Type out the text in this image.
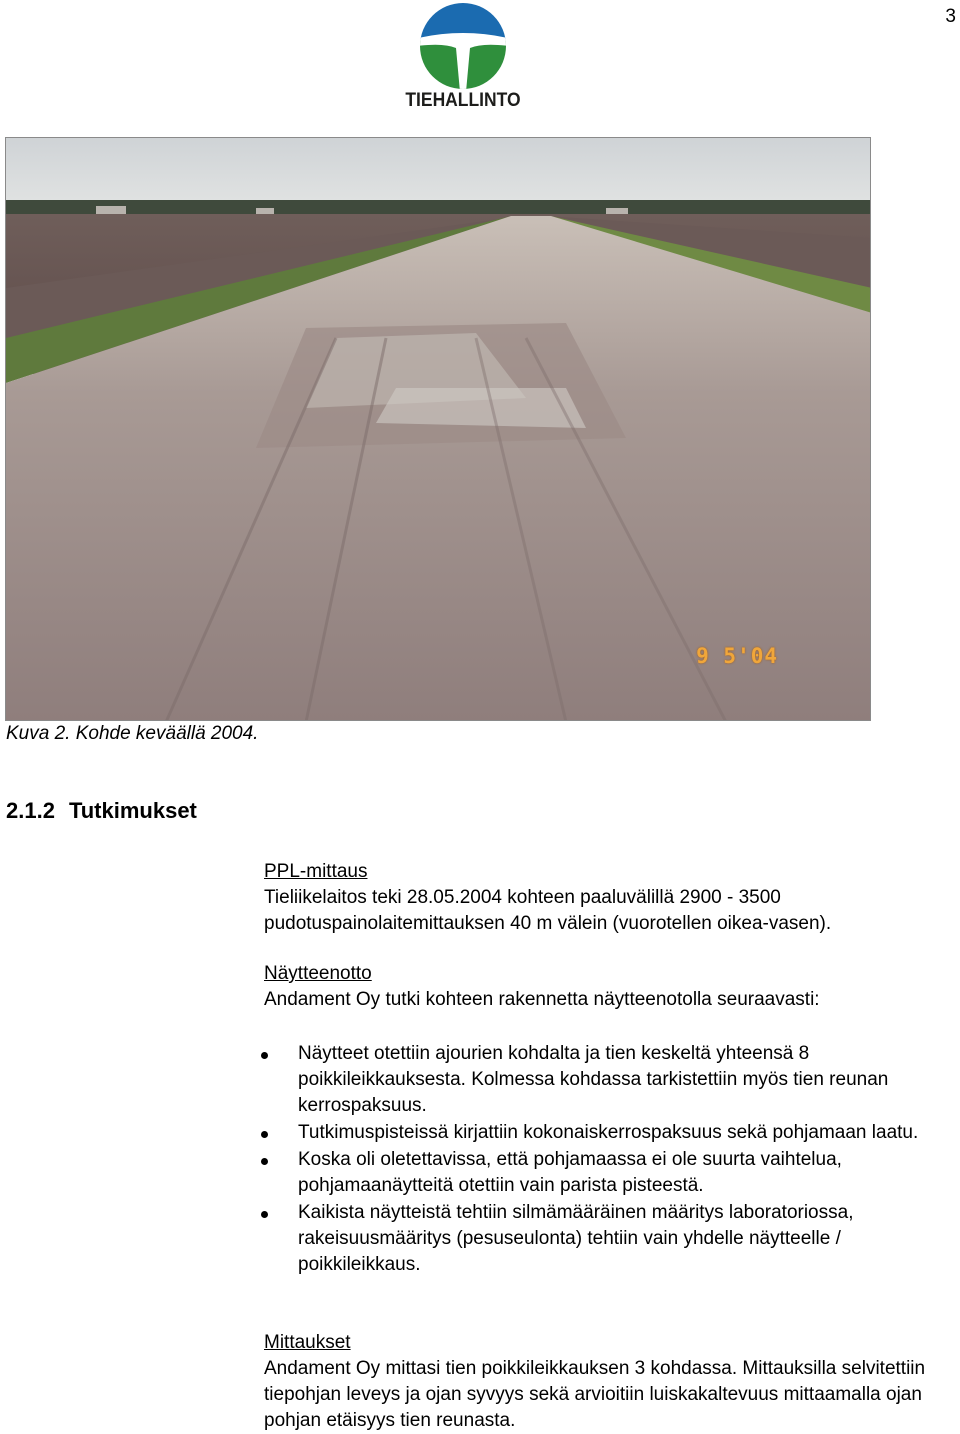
3
TIEHALLINTO
9 5'04
Kuva 2. Kohde keväällä 2004.
2.1.2 Tutkimukset
PPL-mittaus
Tieliikelaitos teki 28.05.2004 kohteen paaluvälillä 2900 - 3500 pudotuspainolaitemittauksen 40 m välein (vuorotellen oikea-vasen).
Näytteenotto
Andament Oy tutki kohteen rakennetta näytteenotolla seuraavasti:
Näytteet otettiin ajourien kohdalta ja tien keskeltä yhteensä 8 poikkileikkauksesta. Kolmessa kohdassa tarkistettiin myös tien reunan kerrospaksuus.
Tutkimuspisteissä kirjattiin kokonaiskerrospaksuus sekä pohjamaan laatu.
Koska oli oletettavissa, että pohjamaassa ei ole suurta vaihtelua, pohjamaanäytteitä otettiin vain parista pisteestä.
Kaikista näytteistä tehtiin silmämääräinen määritys laboratoriossa, rakeisuusmääritys (pesuseulonta) tehtiin vain yhdelle näytteelle / poikkileikkaus.
Mittaukset
Andament Oy mittasi tien poikkileikkauksen 3 kohdassa. Mittauksilla selvitettiin tiepohjan leveys ja ojan syvyys sekä arvioitiin luiskakaltevuus mittaamalla ojan pohjan etäisyys tien reunasta.
